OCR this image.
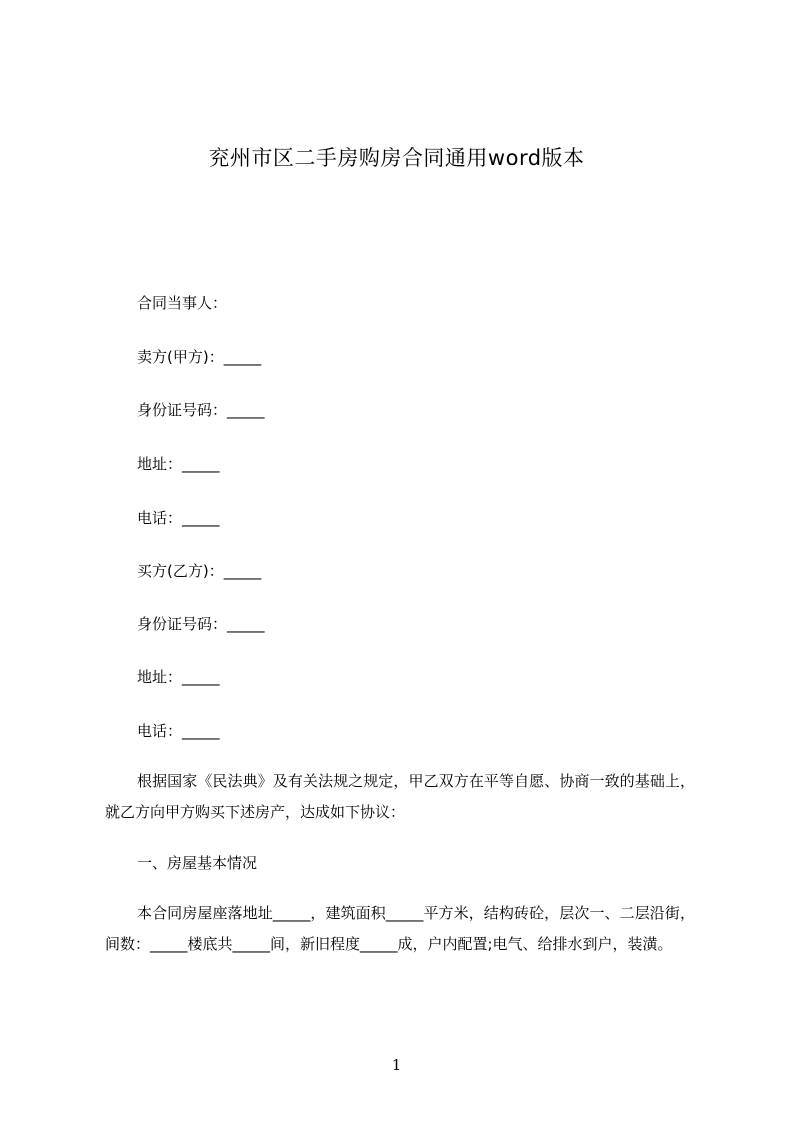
兖州市区二手房购房合同通用word版本
合同当事人：
卖方(甲方)：_____
身份证号码：_____
地址：_____
电话：_____
买方(乙方)：_____
身份证号码：_____
地址：_____
电话：_____
根据国家《民法典》及有关法规之规定，甲乙双方在平等自愿、协商一致的基础上，就乙方向甲方购买下述房产，达成如下协议：
一、房屋基本情况
本合同房屋座落地址_____，建筑面积_____平方米，结构砖砼，层次一、二层沿街，间数：_____楼底共_____间，新旧程度_____成，户内配置;电气、给排水到户，装潢。
1
